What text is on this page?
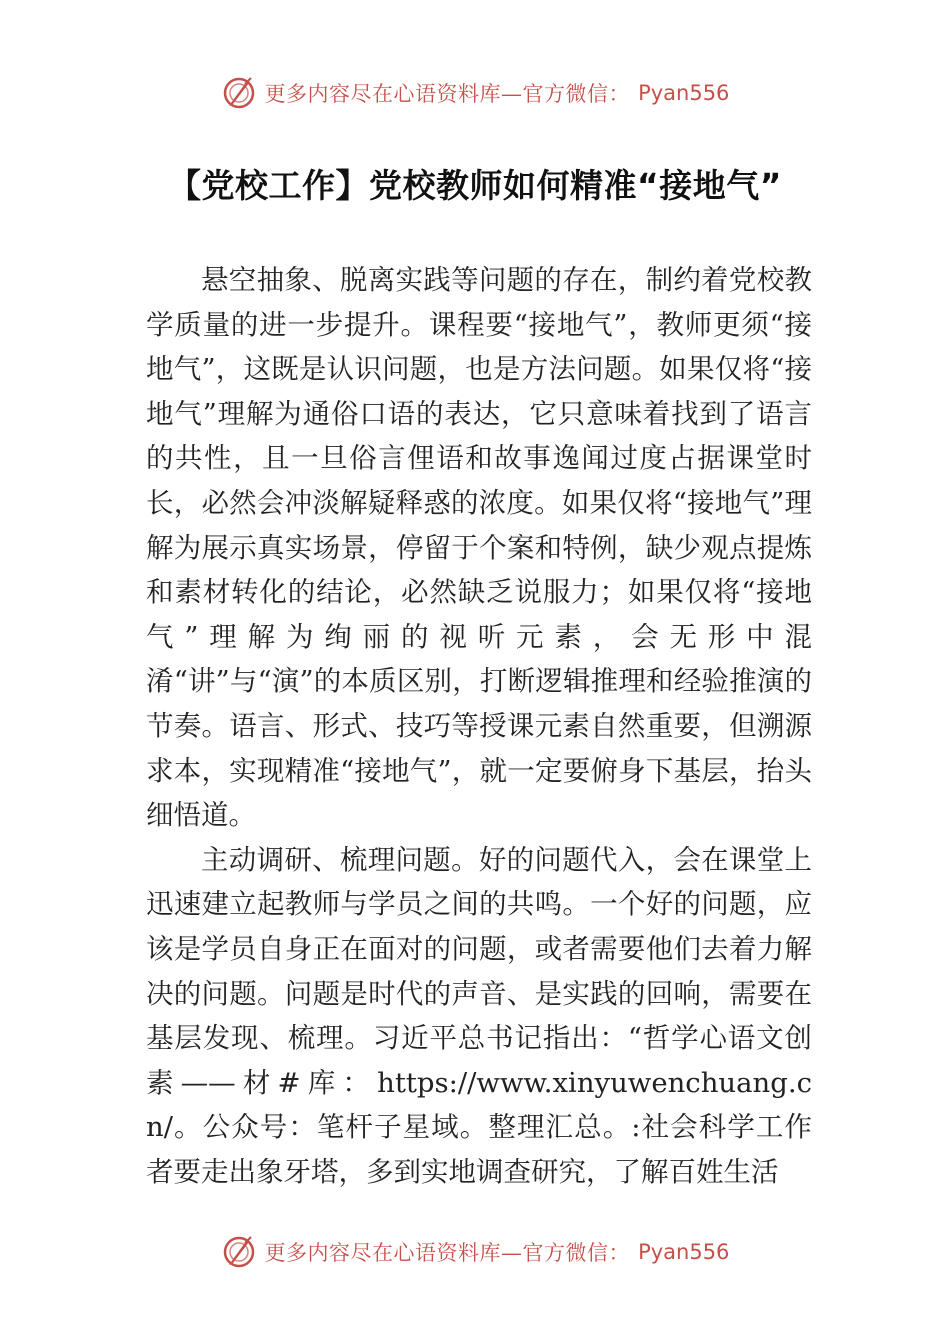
更多内容尽在心语资料库—官方微信： Pyan556
【党校工作】党校教师如何精准“接地气”

悬空抽象、脱离实践等问题的存在，制约着党校教学质量的进一步提升。课程要“接地气”，教师更须“接地气”，这既是认识问题，也是方法问题。如果仅将“接地气”理解为通俗口语的表达，它只意味着找到了语言的共性，且一旦俗言俚语和故事逸闻过度占据课堂时长，必然会冲淡解疑释惑的浓度。如果仅将“接地气”理解为展示真实场景，停留于个案和特例，缺少观点提炼和素材转化的结论，必然缺乏说服力；如果仅将“接地气”理解为绚丽的视听元素，会无形中混淆“讲”与“演”的本质区别，打断逻辑推理和经验推演的节奏。语言、形式、技巧等授课元素自然重要，但溯源求本，实现精准“接地气”，就一定要俯身下基层，抬头细悟道。

主动调研、梳理问题。好的问题代入，会在课堂上迅速建立起教师与学员之间的共鸣。一个好的问题，应该是学员自身正在面对的问题，或者需要他们去着力解决的问题。问题是时代的声音、是实践的回响，需要在基层发现、梳理。习近平总书记指出：“哲学心语文创素——材#库：https://www.xinyuwenchuang.cn/。公众号：笔杆子星域。整理汇总。:社会科学工作者要走出象牙塔，多到实地调查研究，了解百姓生活

更多内容尽在心语资料库—官方微信： Pyan556
